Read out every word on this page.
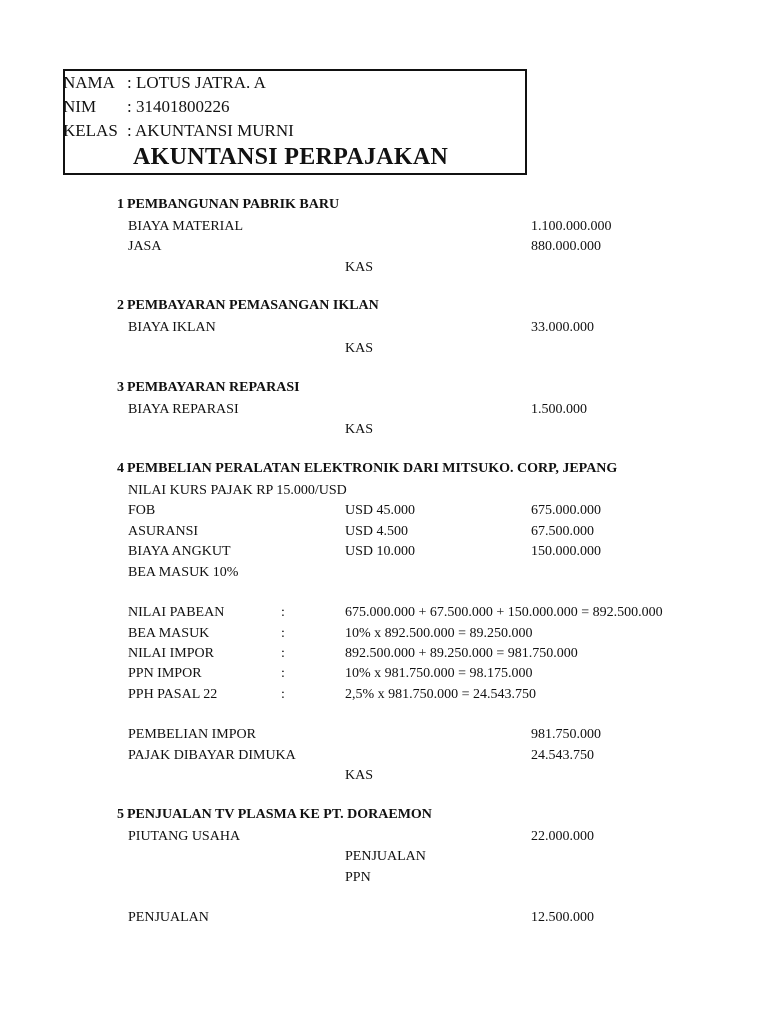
NAMA : LOTUS JATRA. A
NIM : 31401800226
KELAS : AKUNTANSI MURNI
AKUNTANSI PERPAJAKAN
1 PEMBANGUNAN PABRIK BARU
BIAYA MATERIAL	1.100.000.000
JASA	880.000.000
KAS
2 PEMBAYARAN PEMASANGAN IKLAN
BIAYA IKLAN	33.000.000
KAS
3 PEMBAYARAN REPARASI
BIAYA REPARASI	1.500.000
KAS
4 PEMBELIAN PERALATAN ELEKTRONIK DARI MITSUKO. CORP, JEPANG
NILAI KURS PAJAK RP 15.000/USD
FOB	USD 45.000	675.000.000
ASURANSI	USD 4.500	67.500.000
BIAYA ANGKUT	USD 10.000	150.000.000
BEA MASUK 10%
NILAI PABEAN	:	675.000.000 + 67.500.000 + 150.000.000 = 892.500.000
BEA MASUK	:	10% x 892.500.000 = 89.250.000
NILAI IMPOR	:	892.500.000 + 89.250.000 = 981.750.000
PPN IMPOR	:	10% x 981.750.000 = 98.175.000
PPH PASAL 22	:	2,5% x 981.750.000 = 24.543.750
PEMBELIAN IMPOR	981.750.000
PAJAK DIBAYAR DIMUKA	24.543.750
KAS
5 PENJUALAN TV PLASMA KE PT. DORAEMON
PIUTANG USAHA	22.000.000
PENJUALAN
PPN
PENJUALAN	12.500.000
